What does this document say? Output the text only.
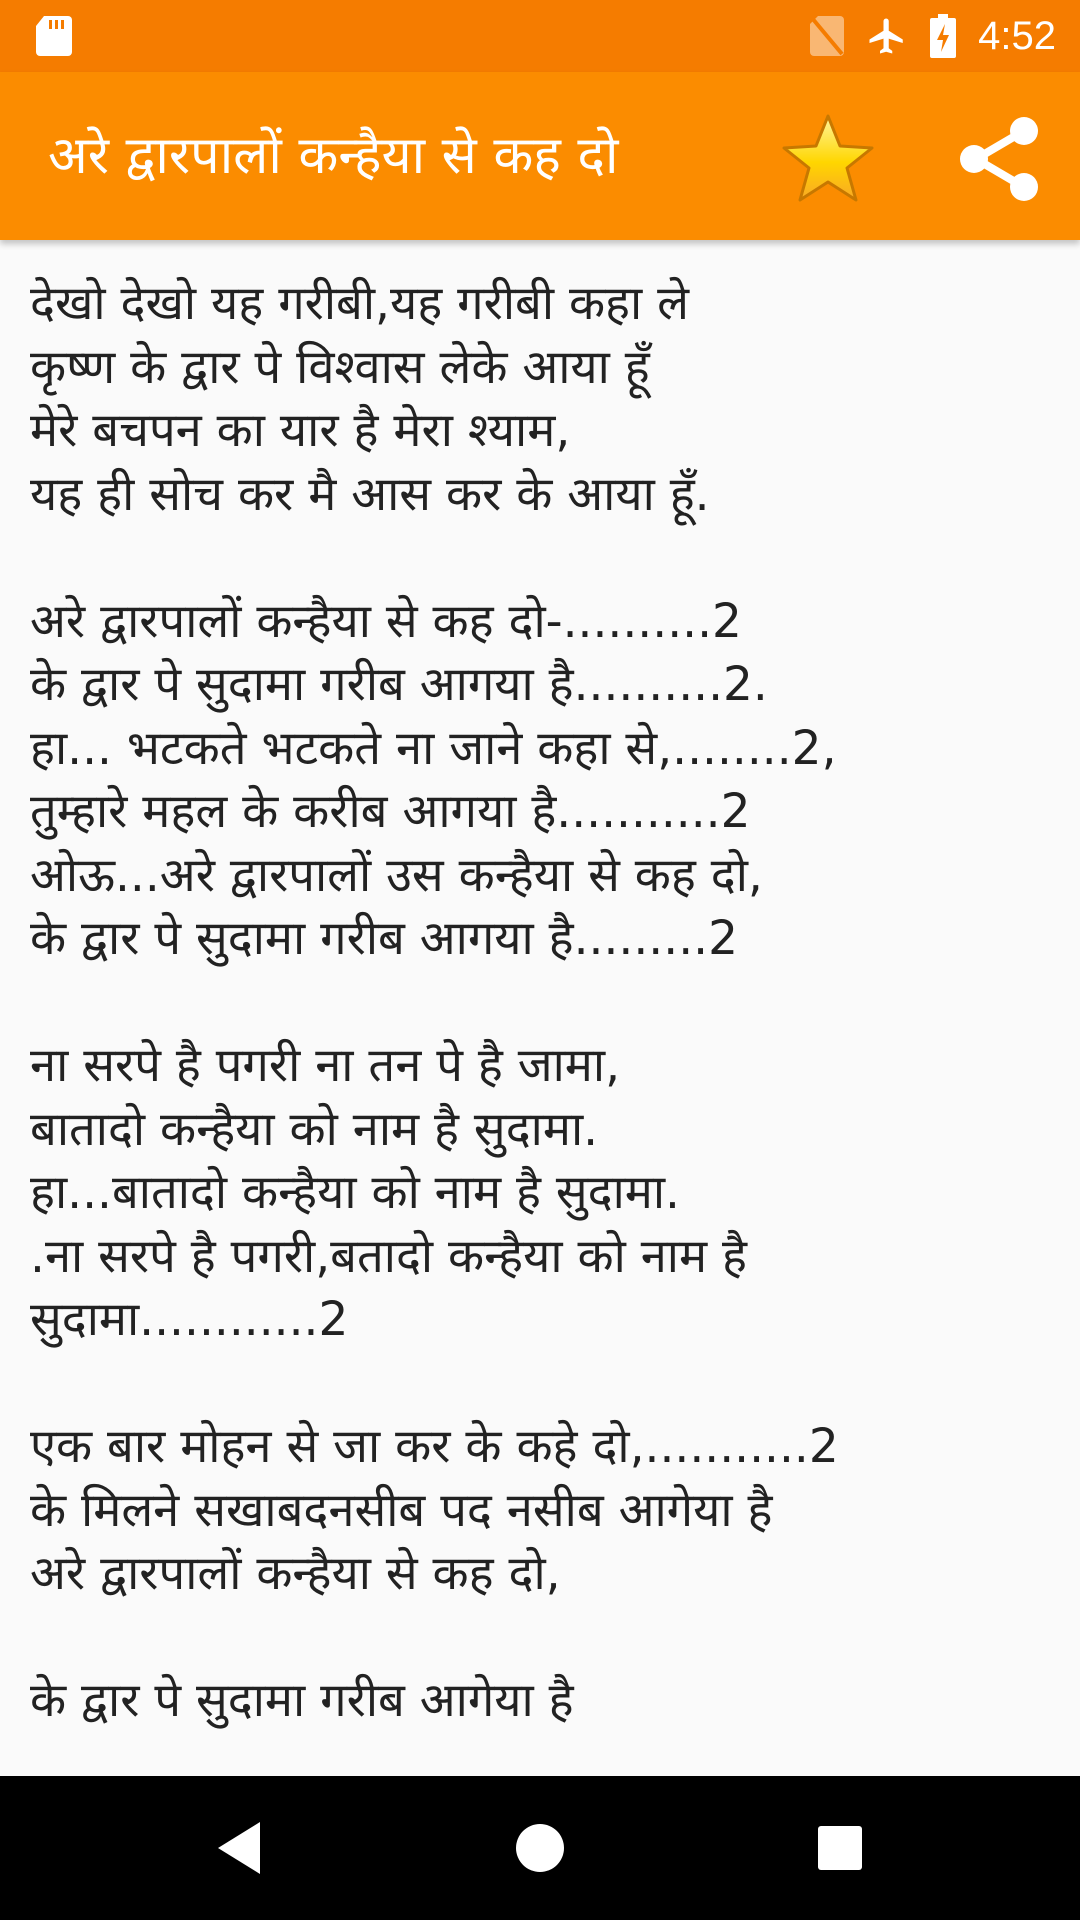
4:52
अरे द्वारपालों कन्हैया से कह दो
देखो देखो यह गरीबी,यह गरीबी कहा ले
कृष्ण के द्वार पे विश्वास लेके आया हूँ
मेरे बचपन का यार है मेरा श्याम,
यह ही सोच कर मै आस कर के आया हूँ.
अरे द्वारपालों कन्हैया से कह दो-..........2
के द्वार पे सुदामा गरीब आगया है..........2.
हा... भटकते भटकते ना जाने कहा से,........2,
तुम्हारे महल के करीब आगया है...........2
ओऊ...अरे द्वारपालों उस कन्हैया से कह दो,
के द्वार पे सुदामा गरीब आगया है.........2
ना सरपे है पगरी ना तन पे है जामा,
बातादो कन्हैया को नाम है सुदामा.
हा...बातादो कन्हैया को नाम है सुदामा.
.ना सरपे है पगरी,बतादो कन्हैया को नाम है
सुदामा............2
एक बार मोहन से जा कर के कहे दो,...........2
के मिलने सखाबदनसीब पद नसीब आगेया है
अरे द्वारपालों कन्हैया से कह दो,
के द्वार पे सुदामा गरीब आगेया है
